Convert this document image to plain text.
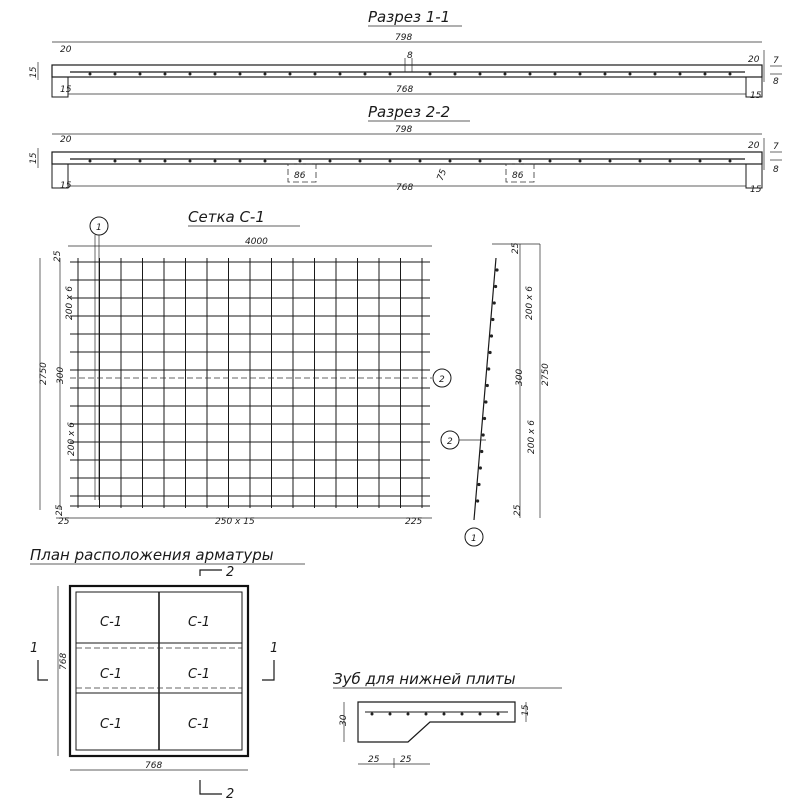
Разрез 1-1
798
8
768
20
15
15
20
15
7
8
Разрез 2-2
798
86	86
75
768
20
15
15
20
15
7
8
Сетка С-1
1
4000
2
2750
25
200 x 6
300
200 x 6
25
25	250 x 15	225
25
200 x 6
300 2750
200 x 6
25
2
1
План расположения арматуры
С-1	С-1
С-1	С-1
С-1	С-1
2
2
1	1
768
768
Зуб для нижней плиты
30
15
25 25
